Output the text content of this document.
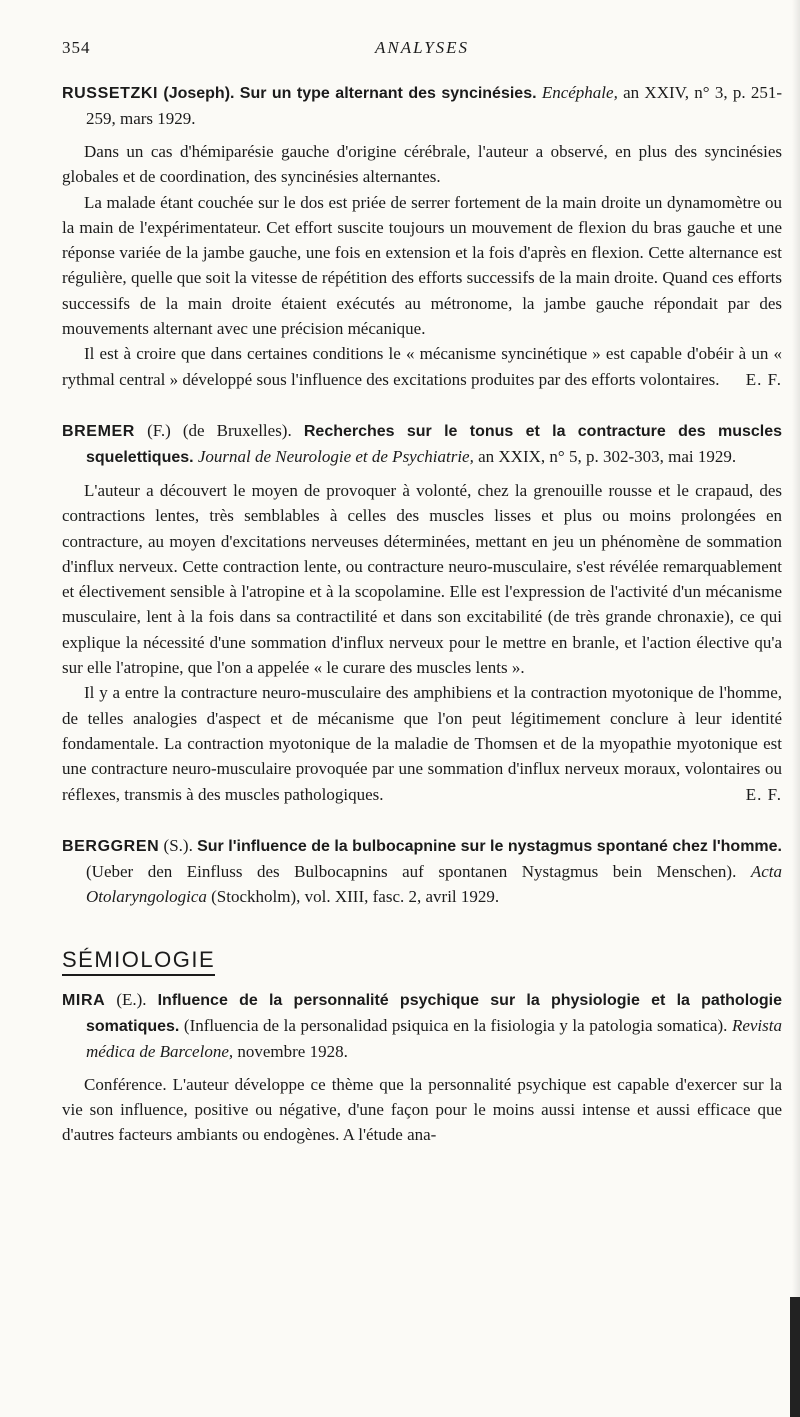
354	ANALYSES
RUSSETZKI (Joseph). Sur un type alternant des syncinésies. Encéphale, an XXIV, n° 3, p. 251-259, mars 1929.

Dans un cas d'hémiparésie gauche d'origine cérébrale, l'auteur a observé, en plus des syncinésies globales et de coordination, des syncinésies alternantes.

La malade étant couchée sur le dos est priée de serrer fortement de la main droite un dynamomètre ou la main de l'expérimentateur. Cet effort suscite toujours un mouvement de flexion du bras gauche et une réponse variée de la jambe gauche, une fois en extension et la fois d'après en flexion. Cette alternance est régulière, quelle que soit la vitesse de répétition des efforts successifs de la main droite. Quand ces efforts successifs de la main droite étaient exécutés au métronome, la jambe gauche répondait par des mouvements alternant avec une précision mécanique.

Il est à croire que dans certaines conditions le « mécanisme syncinétique » est capable d'obéir à un « rythmal central » développé sous l'influence des excitations produites par des efforts volontaires.	E. F.

BREMER (F.) (de Bruxelles). Recherches sur le tonus et la contracture des muscles squelettiques. Journal de Neurologie et de Psychiatrie, an XXIX, n° 5, p. 302-303, mai 1929.

L'auteur a découvert le moyen de provoquer à volonté, chez la grenouille rousse et le crapaud, des contractions lentes, très semblables à celles des muscles lisses et plus ou moins prolongées en contracture, au moyen d'excitations nerveuses déterminées, mettant en jeu un phénomène de sommation d'influx nerveux. Cette contraction lente, ou contracture neuro-musculaire, s'est révélée remarquablement et électivement sensible à l'atropine et à la scopolamine. Elle est l'expression de l'activité d'un mécanisme musculaire, lent à la fois dans sa contractilité et dans son excitabilité (de très grande chronaxie), ce qui explique la nécessité d'une sommation d'influx nerveux pour le mettre en branle, et l'action élective qu'a sur elle l'atropine, que l'on a appelée « le curare des muscles lents ».

Il y a entre la contracture neuro-musculaire des amphibiens et la contraction myotonique de l'homme, de telles analogies d'aspect et de mécanisme que l'on peut légitimement conclure à leur identité fondamentale. La contraction myotonique de la maladie de Thomsen et de la myopathie myotonique est une contracture neuro-musculaire provoquée par une sommation d'influx nerveux moraux, volontaires ou réflexes, transmis à des muscles pathologiques.	E. F.

BERGGREN (S.). Sur l'influence de la bulbocapnine sur le nystagmus spontané chez l'homme. (Ueber den Einfluss des Bulbocapnins auf spontanen Nystagmus bein Menschen). Acta Otolaryngologica (Stockholm), vol. XIII, fasc. 2, avril 1929.
SÉMIOLOGIE
MIRA (E.). Influence de la personnalité psychique sur la physiologie et la pathologie somatiques. (Influencia de la personalidad psiquica en la fisiologia y la patologia somatica). Revista médica de Barcelone, novembre 1928.

Conférence. L'auteur développe ce thème que la personnalité psychique est capable d'exercer sur la vie son influence, positive ou négative, d'une façon pour le moins aussi intense et aussi efficace que d'autres facteurs ambiants ou endogènes. A l'étude ana-
